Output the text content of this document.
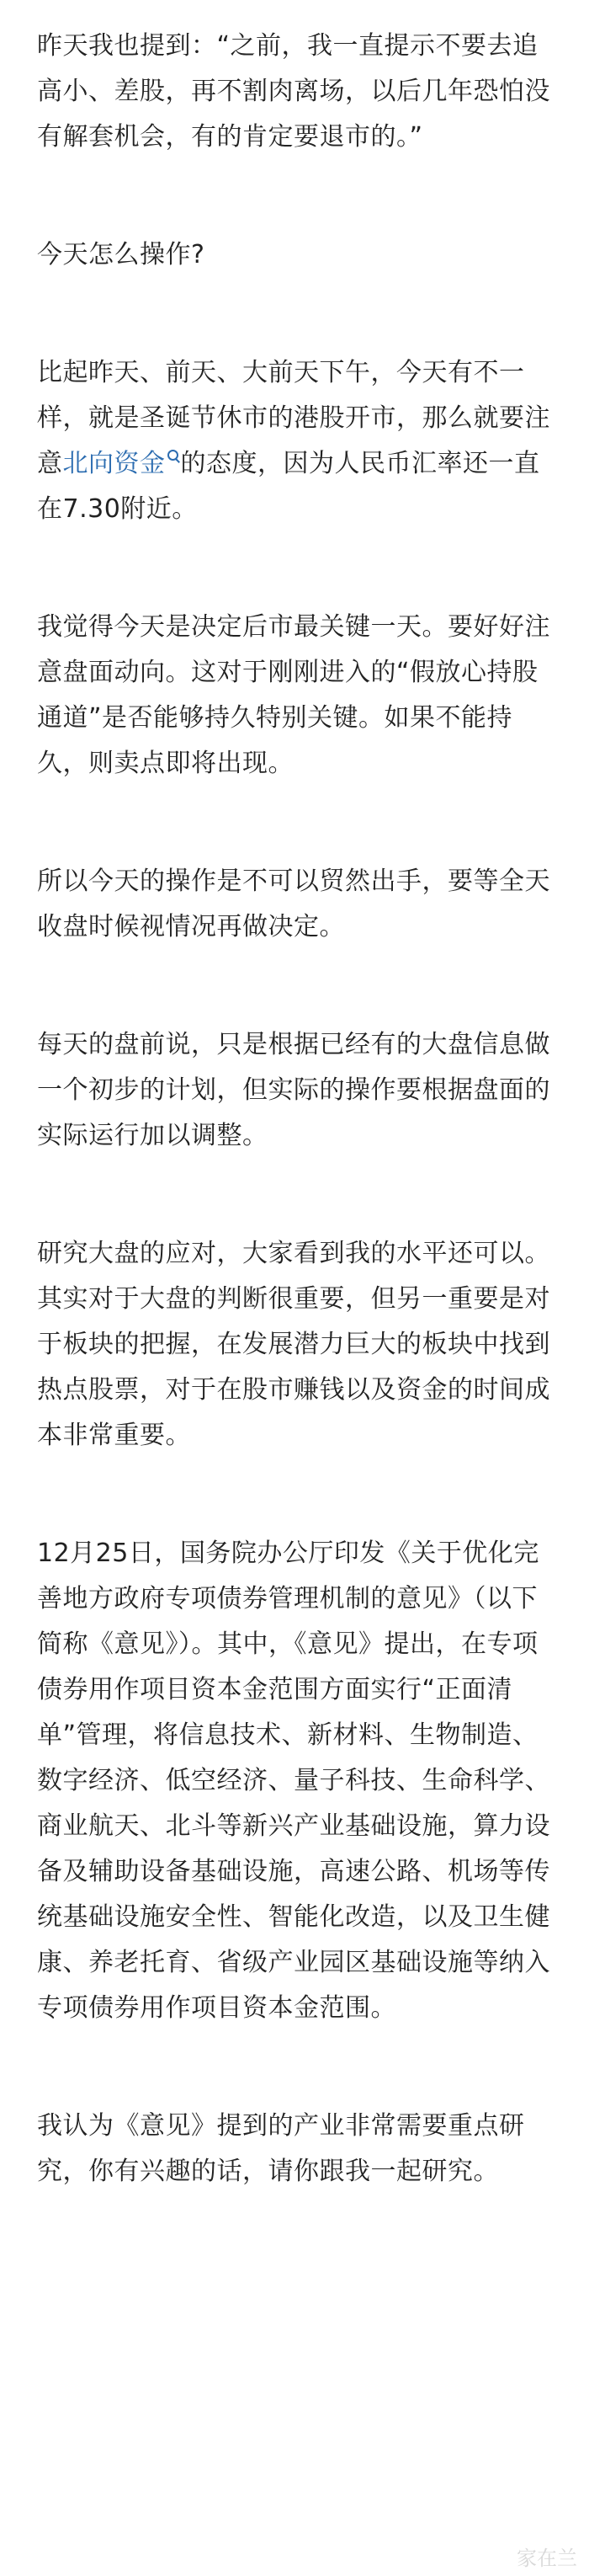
昨天我也提到：“之前，我一直提示不要去追高小、差股，再不割肉离场，以后几年恐怕没有解套机会，有的肯定要退市的。”

今天怎么操作?

比起昨天、前天、大前天下午，今天有不一样，就是圣诞节休市的港股开市，那么就要注意北向资金 的态度，因为人民币汇率还一直在7.30附近。

我觉得今天是决定后市最关键一天。要好好注意盘面动向。这对于刚刚进入的“假放心持股通道”是否能够持久特别关键。如果不能持久，则卖点即将出现。

所以今天的操作是不可以贸然出手，要等全天收盘时候视情况再做决定。

每天的盘前说，只是根据已经有的大盘信息做一个初步的计划，但实际的操作要根据盘面的实际运行加以调整。

研究大盘的应对，大家看到我的水平还可以。其实对于大盘的判断很重要，但另一重要是对于板块的把握，在发展潜力巨大的板块中找到热点股票，对于在股市赚钱以及资金的时间成本非常重要。

12月25日，国务院办公厅印发《关于优化完善地方政府专项债券管理机制的意见》（以下简称《意见》）。其中，《意见》提出，在专项债券用作项目资本金范围方面实行“正面清单”管理，将信息技术、新材料、生物制造、数字经济、低空经济、量子科技、生命科学、商业航天、北斗等新兴产业基础设施，算力设备及辅助设备基础设施，高速公路、机场等传统基础设施安全性、智能化改造，以及卫生健康、养老托育、省级产业园区基础设施等纳入专项债券用作项目资本金范围。

我认为《意见》提到的产业非常需要重点研究，你有兴趣的话，请你跟我一起研究。

家在兰
